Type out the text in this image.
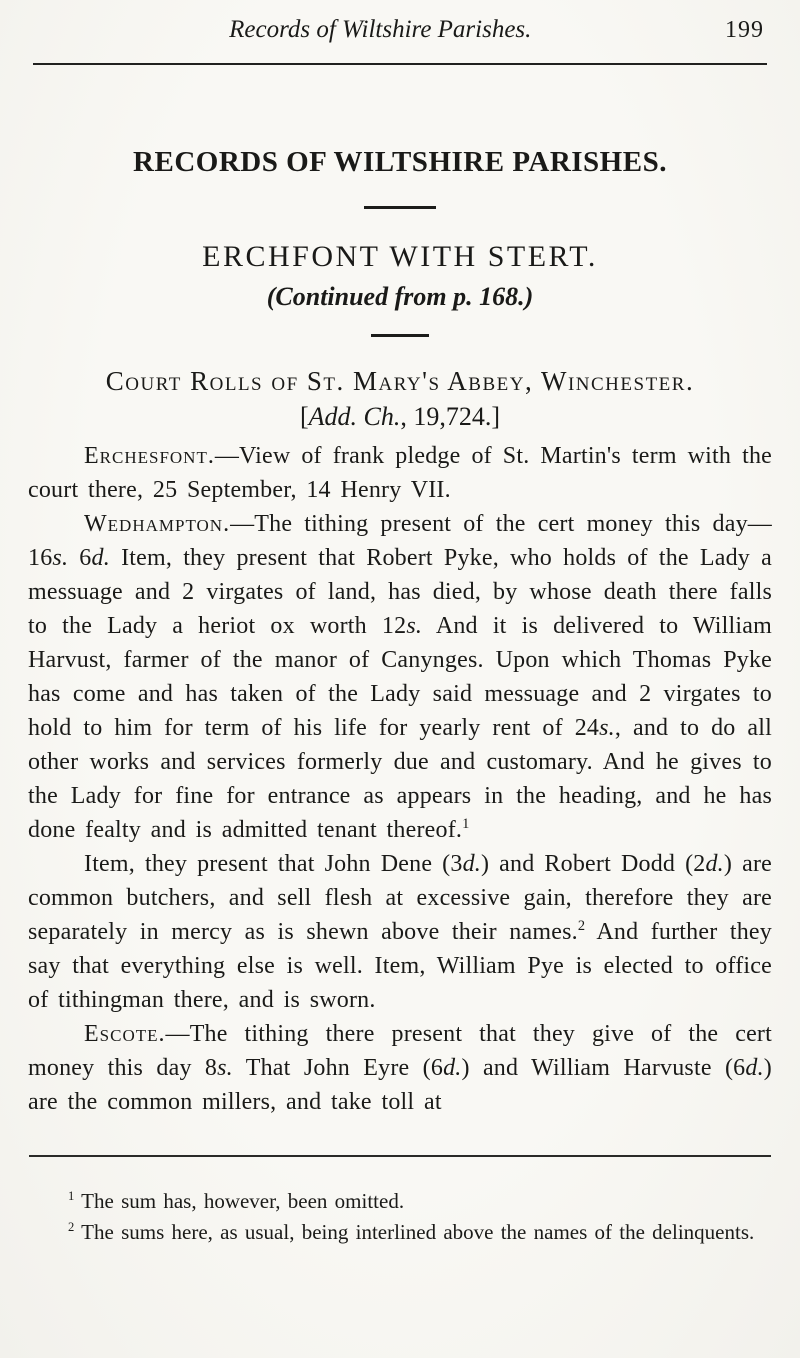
Records of Wiltshire Parishes.	199
RECORDS OF WILTSHIRE PARISHES.
ERCHFONT WITH STERT.
(Continued from p. 168.)
Court Rolls of St. Mary's Abbey, Winchester.
[Add. Ch., 19,724.]

Erchesfont.—View of frank pledge of St. Martin's term with the court there, 25 September, 14 Henry VII.

Wedhampton.—The tithing present of the cert money this day—16s. 6d. Item, they present that Robert Pyke, who holds of the Lady a messuage and 2 virgates of land, has died, by whose death there falls to the Lady a heriot ox worth 12s. And it is delivered to William Harvust, farmer of the manor of Canynges. Upon which Thomas Pyke has come and has taken of the Lady said messuage and 2 virgates to hold to him for term of his life for yearly rent of 24s., and to do all other works and services formerly due and customary. And he gives to the Lady for fine for entrance as appears in the heading, and he has done fealty and is admitted tenant thereof.$^1$

Item, they present that John Dene (3d.) and Robert Dodd (2d.) are common butchers, and sell flesh at excessive gain, therefore they are separately in mercy as is shewn above their names.$^2$ And further they say that everything else is well. Item, William Pye is elected to office of tithingman there, and is sworn.

Escote.—The tithing there present that they give of the cert money this day 8s. That John Eyre (6d.) and William Harvuste (6d.) are the common millers, and take toll at

$^1$ The sum has, however, been omitted.

$^2$ The sums here, as usual, being interlined above the names of the delinquents.
